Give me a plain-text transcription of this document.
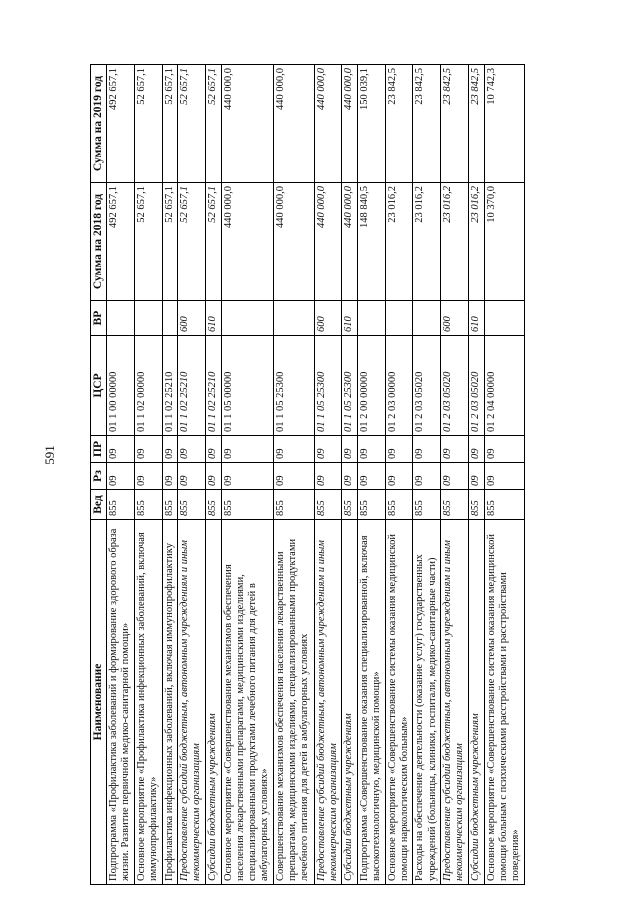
591
Наименование	Вед	Рз	ПР	ЦСР	ВР	Сумма на 2018 год	Сумма на 2019 год
Подпрограмма «Профилактика заболеваний и формирование здорового образа жизни. Развитие первичной медико-санитарной помощи»	855	09	09	01 1 00 00000		492 657,1	492 657,1
Основное мероприятие «Профилактика инфекционных заболеваний, включая иммунопрофилактику»	855	09	09	01 1 02 00000		52 657,1	52 657,1
Профилактика инфекционных заболеваний, включая иммунопрофилактику	855	09	09	01 1 02 25210		52 657,1	52 657,1
Предоставление субсидий бюджетным, автономным учреждениям и иным некоммерческим организациям	855	09	09	01 1 02 25210	600	52 657,1	52 657,1
Субсидии бюджетным учреждениям	855	09	09	01 1 02 25210	610	52 657,1	52 657,1
Основное мероприятие «Совершенствование механизмов обеспечения населения лекарственными препаратами, медицинскими изделиями, специализированными продуктами лечебного питания для детей в амбулаторных условиях»	855	09	09	01 1 05 00000		440 000,0	440 000,0
Совершенствование механизмов обеспечения населения лекарственными препаратами, медицинскими изделиями, специализированными продуктами лечебного питания для детей в амбулаторных условиях	855	09	09	01 1 05 25300		440 000,0	440 000,0
Предоставление субсидий бюджетным, автономным учреждениям и иным некоммерческим организациям	855	09	09	01 1 05 25300	600	440 000,0	440 000,0
Субсидии бюджетным учреждениям	855	09	09	01 1 05 25300	610	440 000,0	440 000,0
Подпрограмма «Совершенствование оказания специализированной, включая высокотехнологичную, медицинской помощи»	855	09	09	01 2 00 00000		148 840,5	150 039,1
Основное мероприятие «Совершенствование системы оказания медицинской помощи наркологическим больным»	855	09	09	01 2 03 00000		23 016,2	23 842,5
Расходы на обеспечение деятельности (оказание услуг) государственных учреждений (больницы, клиники, госпитали, медико-санитарные части)	855	09	09	01 2 03 05020		23 016,2	23 842,5
Предоставление субсидий бюджетным, автономным учреждениям и иным некоммерческим организациям	855	09	09	01 2 03 05020	600	23 016,2	23 842,5
Субсидии бюджетным учреждениям	855	09	09	01 2 03 05020	610	23 016,2	23 842,5
Основное мероприятие «Совершенствование системы оказания медицинской помощи больным с психическими расстройствами и расстройствами поведения»	855	09	09	01 2 04 00000		10 370,0	10 742,3
